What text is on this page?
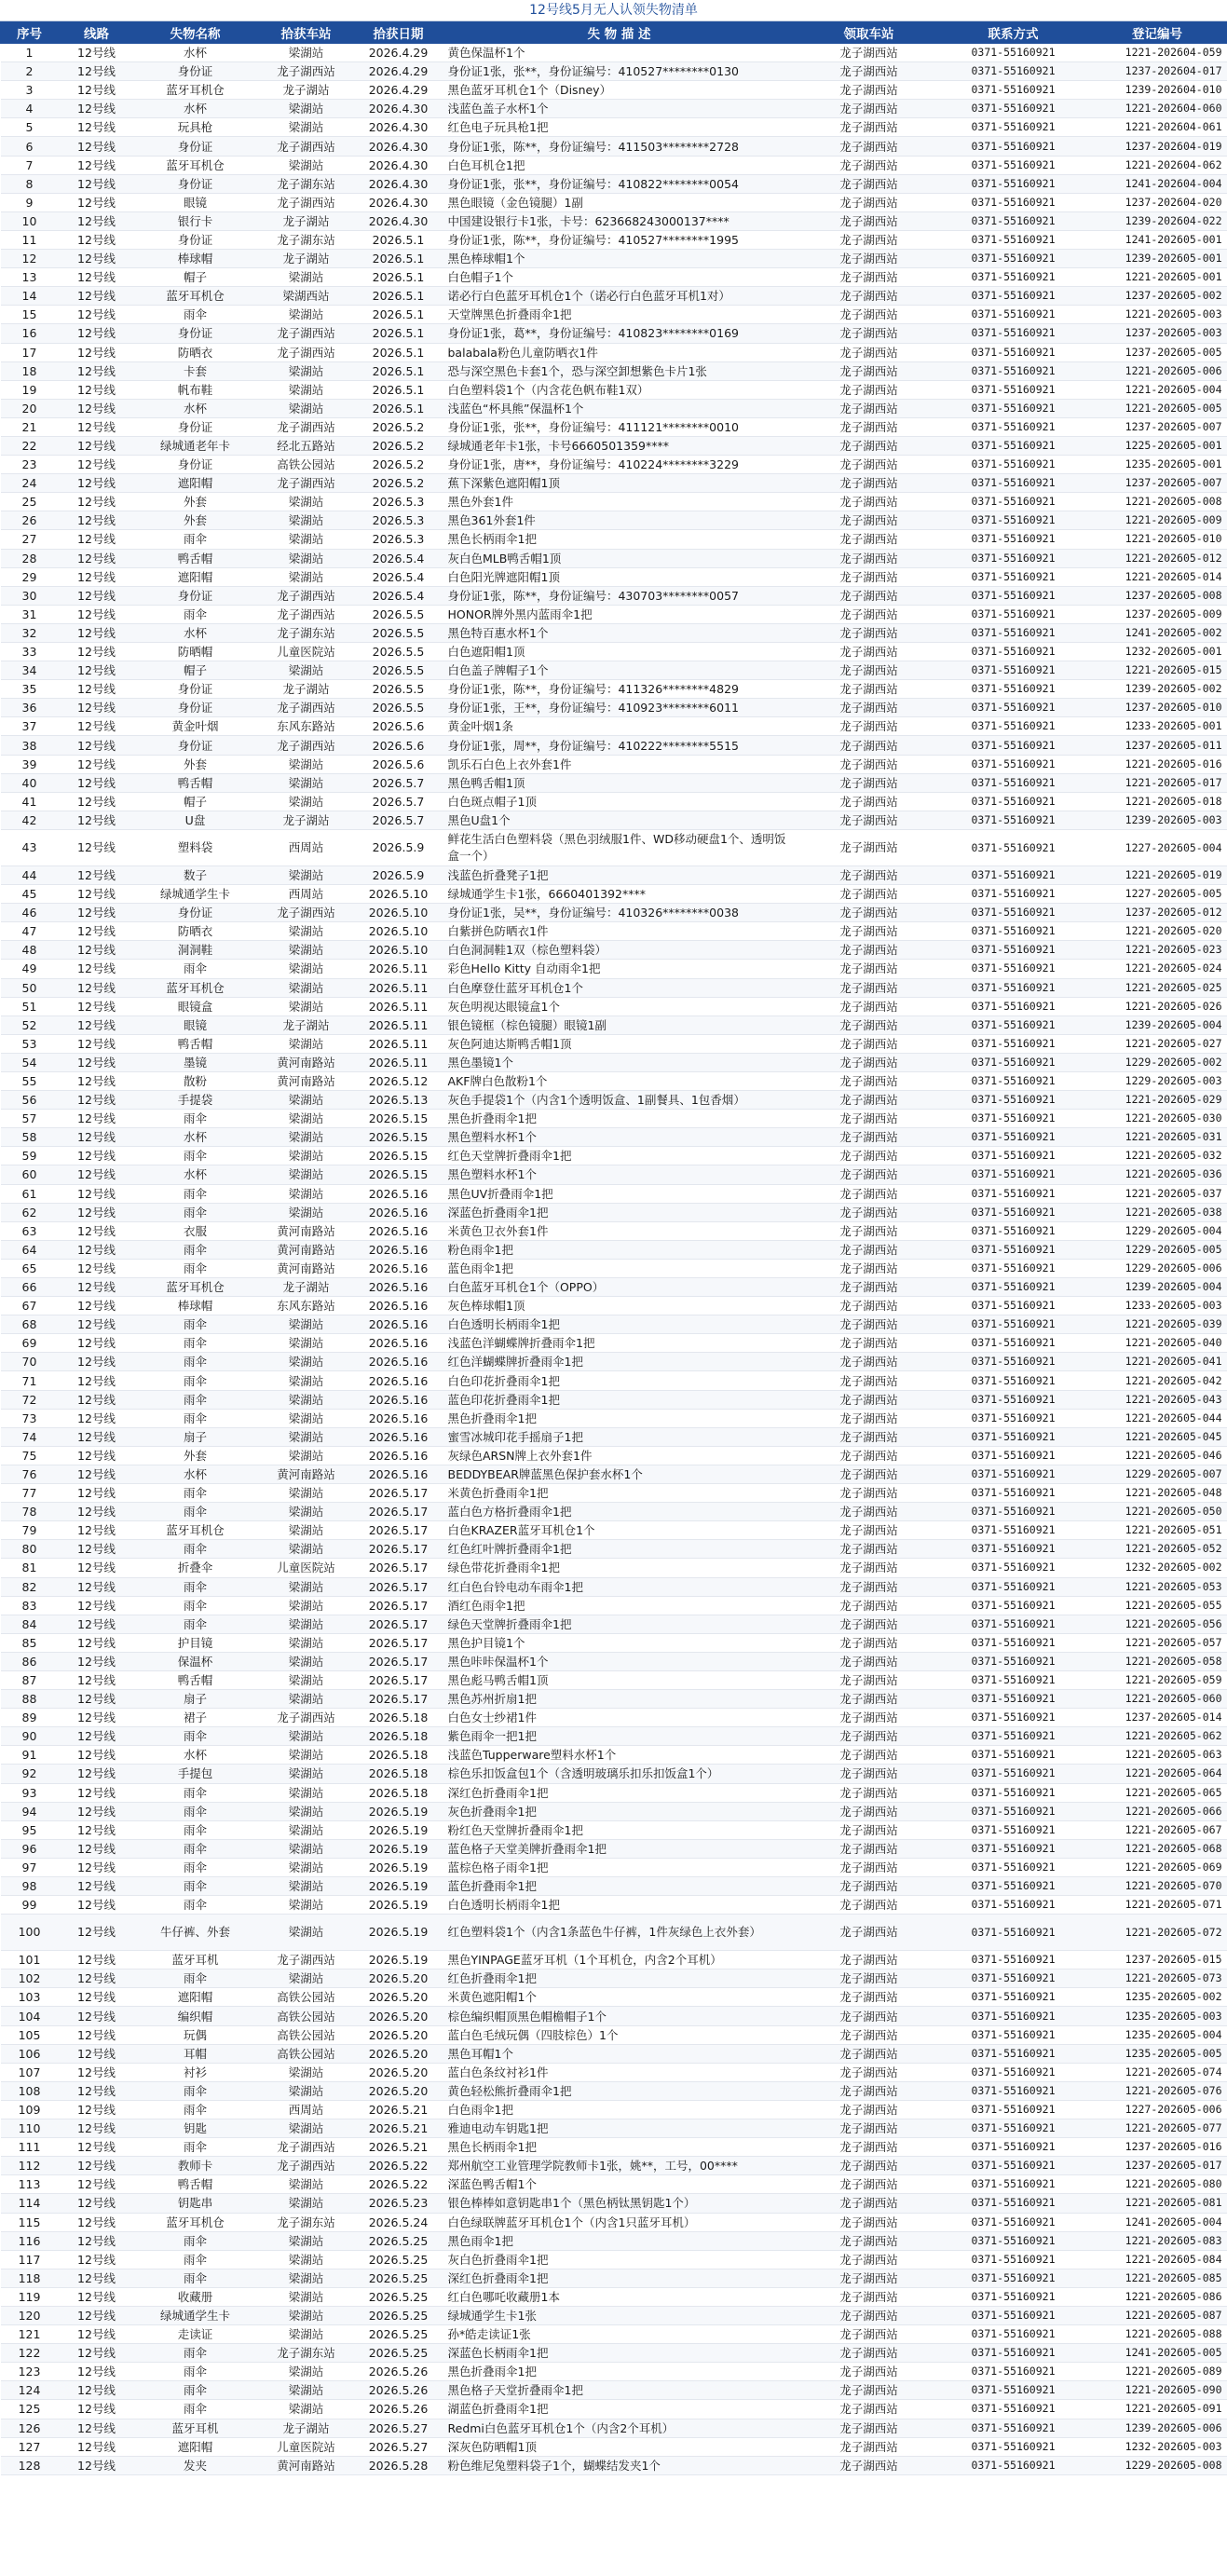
12号线5月无人认领失物清单
序号	线路	失物名称	拾获车站	拾获日期	失 物 描 述	领取车站	联系方式	登记编号
1	12号线	水杯	梁湖站	2026.4.29	黄色保温杯1个	龙子湖西站	0371-55160921	1221-202604-059
2	12号线	身份证	龙子湖西站	2026.4.29	身份证1张，张**，身份证编号：410527********0130	龙子湖西站	0371-55160921	1237-202604-017
3	12号线	蓝牙耳机仓	龙子湖站	2026.4.29	黑色蓝牙耳机仓1个（Disney）	龙子湖西站	0371-55160921	1239-202604-010
4	12号线	水杯	梁湖站	2026.4.30	浅蓝色盖子水杯1个	龙子湖西站	0371-55160921	1221-202604-060
5	12号线	玩具枪	梁湖站	2026.4.30	红色电子玩具枪1把	龙子湖西站	0371-55160921	1221-202604-061
6	12号线	身份证	龙子湖西站	2026.4.30	身份证1张，陈**，身份证编号：411503********2728	龙子湖西站	0371-55160921	1237-202604-019
7	12号线	蓝牙耳机仓	梁湖站	2026.4.30	白色耳机仓1把	龙子湖西站	0371-55160921	1221-202604-062
8	12号线	身份证	龙子湖东站	2026.4.30	身份证1张，张**，身份证编号：410822********0054	龙子湖西站	0371-55160921	1241-202604-004
9	12号线	眼镜	龙子湖西站	2026.4.30	黑色眼镜（金色镜腿）1副	龙子湖西站	0371-55160921	1237-202604-020
10	12号线	银行卡	龙子湖站	2026.4.30	中国建设银行卡1张，卡号：623668243000137****	龙子湖西站	0371-55160921	1239-202604-022
11	12号线	身份证	龙子湖东站	2026.5.1	身份证1张，陈**，身份证编号：410527********1995	龙子湖西站	0371-55160921	1241-202605-001
12	12号线	棒球帽	龙子湖站	2026.5.1	黑色棒球帽1个	龙子湖西站	0371-55160921	1239-202605-001
13	12号线	帽子	梁湖站	2026.5.1	白色帽子1个	龙子湖西站	0371-55160921	1221-202605-001
14	12号线	蓝牙耳机仓	梁湖西站	2026.5.1	诺必行白色蓝牙耳机仓1个（诺必行白色蓝牙耳机1对）	龙子湖西站	0371-55160921	1237-202605-002
15	12号线	雨伞	梁湖站	2026.5.1	天堂牌黑色折叠雨伞1把	龙子湖西站	0371-55160921	1221-202605-003
16	12号线	身份证	龙子湖西站	2026.5.1	身份证1张，葛**，身份证编号：410823********0169	龙子湖西站	0371-55160921	1237-202605-003
17	12号线	防晒衣	龙子湖西站	2026.5.1	balabala粉色儿童防晒衣1件	龙子湖西站	0371-55160921	1237-202605-005
18	12号线	卡套	梁湖站	2026.5.1	恐与深空黑色卡套1个，恐与深空卸想紫色卡片1张	龙子湖西站	0371-55160921	1221-202605-006
19	12号线	帆布鞋	梁湖站	2026.5.1	白色塑料袋1个（内含花色帆布鞋1双）	龙子湖西站	0371-55160921	1221-202605-004
20	12号线	水杯	梁湖站	2026.5.1	浅蓝色“杯具熊”保温杯1个	龙子湖西站	0371-55160921	1221-202605-005
21	12号线	身份证	龙子湖西站	2026.5.2	身份证1张，张**，身份证编号：411121********0010	龙子湖西站	0371-55160921	1237-202605-007
22	12号线	绿城通老年卡	经北五路站	2026.5.2	绿城通老年卡1张，卡号6660501359****	龙子湖西站	0371-55160921	1225-202605-001
23	12号线	身份证	高铁公园站	2026.5.2	身份证1张，唐**，身份证编号：410224********3229	龙子湖西站	0371-55160921	1235-202605-001
24	12号线	遮阳帽	龙子湖西站	2026.5.2	蕉下深紫色遮阳帽1顶	龙子湖西站	0371-55160921	1237-202605-007
25	12号线	外套	梁湖站	2026.5.3	黑色外套1件	龙子湖西站	0371-55160921	1221-202605-008
26	12号线	外套	梁湖站	2026.5.3	黑色361外套1件	龙子湖西站	0371-55160921	1221-202605-009
27	12号线	雨伞	梁湖站	2026.5.3	黑色长柄雨伞1把	龙子湖西站	0371-55160921	1221-202605-010
28	12号线	鸭舌帽	梁湖站	2026.5.4	灰白色MLB鸭舌帽1顶	龙子湖西站	0371-55160921	1221-202605-012
29	12号线	遮阳帽	梁湖站	2026.5.4	白色阳光牌遮阳帽1顶	龙子湖西站	0371-55160921	1221-202605-014
30	12号线	身份证	龙子湖西站	2026.5.4	身份证1张，陈**，身份证编号：430703********0057	龙子湖西站	0371-55160921	1237-202605-008
31	12号线	雨伞	龙子湖西站	2026.5.5	HONOR牌外黑内蓝雨伞1把	龙子湖西站	0371-55160921	1237-202605-009
32	12号线	水杯	龙子湖东站	2026.5.5	黑色特百惠水杯1个	龙子湖西站	0371-55160921	1241-202605-002
33	12号线	防晒帽	儿童医院站	2026.5.5	白色遮阳帽1顶	龙子湖西站	0371-55160921	1232-202605-001
34	12号线	帽子	梁湖站	2026.5.5	白色盖子牌帽子1个	龙子湖西站	0371-55160921	1221-202605-015
35	12号线	身份证	龙子湖站	2026.5.5	身份证1张，陈**，身份证编号：411326********4829	龙子湖西站	0371-55160921	1239-202605-002
36	12号线	身份证	龙子湖西站	2026.5.5	身份证1张，王**，身份证编号：410923********6011	龙子湖西站	0371-55160921	1237-202605-010
37	12号线	黄金叶烟	东风东路站	2026.5.6	黄金叶烟1条	龙子湖西站	0371-55160921	1233-202605-001
38	12号线	身份证	龙子湖西站	2026.5.6	身份证1张，周**，身份证编号：410222********5515	龙子湖西站	0371-55160921	1237-202605-011
39	12号线	外套	梁湖站	2026.5.6	凯乐石白色上衣外套1件	龙子湖西站	0371-55160921	1221-202605-016
40	12号线	鸭舌帽	梁湖站	2026.5.7	黑色鸭舌帽1顶	龙子湖西站	0371-55160921	1221-202605-017
41	12号线	帽子	梁湖站	2026.5.7	白色斑点帽子1顶	龙子湖西站	0371-55160921	1221-202605-018
42	12号线	U盘	龙子湖站	2026.5.7	黑色U盘1个	龙子湖西站	0371-55160921	1239-202605-003
43	12号线	塑料袋	西周站	2026.5.9	鲜花生活白色塑料袋（黑色羽绒服1件、WD移动硬盘1个、透明饭盒一个）	龙子湖西站	0371-55160921	1227-202605-004
44	12号线	数子	梁湖站	2026.5.9	浅蓝色折叠凳子1把	龙子湖西站	0371-55160921	1221-202605-019
45	12号线	绿城通学生卡	西周站	2026.5.10	绿城通学生卡1张，6660401392****	龙子湖西站	0371-55160921	1227-202605-005
46	12号线	身份证	龙子湖西站	2026.5.10	身份证1张，吴**，身份证编号：410326********0038	龙子湖西站	0371-55160921	1237-202605-012
47	12号线	防晒衣	梁湖站	2026.5.10	白紫拼色防晒衣1件	龙子湖西站	0371-55160921	1221-202605-020
48	12号线	洞洞鞋	梁湖站	2026.5.10	白色洞洞鞋1双（棕色塑料袋）	龙子湖西站	0371-55160921	1221-202605-023
49	12号线	雨伞	梁湖站	2026.5.11	彩色Hello Kitty 自动雨伞1把	龙子湖西站	0371-55160921	1221-202605-024
50	12号线	蓝牙耳机仓	梁湖站	2026.5.11	白色摩登仕蓝牙耳机仓1个	龙子湖西站	0371-55160921	1221-202605-025
51	12号线	眼镜盒	梁湖站	2026.5.11	灰色明视达眼镜盒1个	龙子湖西站	0371-55160921	1221-202605-026
52	12号线	眼镜	龙子湖站	2026.5.11	银色镜框（棕色镜腿）眼镜1副	龙子湖西站	0371-55160921	1239-202605-004
53	12号线	鸭舌帽	梁湖站	2026.5.11	灰色阿迪达斯鸭舌帽1顶	龙子湖西站	0371-55160921	1221-202605-027
54	12号线	墨镜	黄河南路站	2026.5.11	黑色墨镜1个	龙子湖西站	0371-55160921	1229-202605-002
55	12号线	散粉	黄河南路站	2026.5.12	AKF牌白色散粉1个	龙子湖西站	0371-55160921	1229-202605-003
56	12号线	手提袋	梁湖站	2026.5.13	灰色手提袋1个（内含1个透明饭盒、1副餐具、1包香烟）	龙子湖西站	0371-55160921	1221-202605-029
57	12号线	雨伞	梁湖站	2026.5.15	黑色折叠雨伞1把	龙子湖西站	0371-55160921	1221-202605-030
58	12号线	水杯	梁湖站	2026.5.15	黑色塑料水杯1个	龙子湖西站	0371-55160921	1221-202605-031
59	12号线	雨伞	梁湖站	2026.5.15	红色天堂牌折叠雨伞1把	龙子湖西站	0371-55160921	1221-202605-032
60	12号线	水杯	梁湖站	2026.5.15	黑色塑料水杯1个	龙子湖西站	0371-55160921	1221-202605-036
61	12号线	雨伞	梁湖站	2026.5.16	黑色UV折叠雨伞1把	龙子湖西站	0371-55160921	1221-202605-037
62	12号线	雨伞	梁湖站	2026.5.16	深蓝色折叠雨伞1把	龙子湖西站	0371-55160921	1221-202605-038
63	12号线	衣服	黄河南路站	2026.5.16	米黄色卫衣外套1件	龙子湖西站	0371-55160921	1229-202605-004
64	12号线	雨伞	黄河南路站	2026.5.16	粉色雨伞1把	龙子湖西站	0371-55160921	1229-202605-005
65	12号线	雨伞	黄河南路站	2026.5.16	蓝色雨伞1把	龙子湖西站	0371-55160921	1229-202605-006
66	12号线	蓝牙耳机仓	龙子湖站	2026.5.16	白色蓝牙耳机仓1个（OPPO）	龙子湖西站	0371-55160921	1239-202605-004
67	12号线	棒球帽	东风东路站	2026.5.16	灰色棒球帽1顶	龙子湖西站	0371-55160921	1233-202605-003
68	12号线	雨伞	梁湖站	2026.5.16	白色透明长柄雨伞1把	龙子湖西站	0371-55160921	1221-202605-039
69	12号线	雨伞	梁湖站	2026.5.16	浅蓝色洋蝴蝶牌折叠雨伞1把	龙子湖西站	0371-55160921	1221-202605-040
70	12号线	雨伞	梁湖站	2026.5.16	红色洋蝴蝶牌折叠雨伞1把	龙子湖西站	0371-55160921	1221-202605-041
71	12号线	雨伞	梁湖站	2026.5.16	白色印花折叠雨伞1把	龙子湖西站	0371-55160921	1221-202605-042
72	12号线	雨伞	梁湖站	2026.5.16	蓝色印花折叠雨伞1把	龙子湖西站	0371-55160921	1221-202605-043
73	12号线	雨伞	梁湖站	2026.5.16	黑色折叠雨伞1把	龙子湖西站	0371-55160921	1221-202605-044
74	12号线	扇子	梁湖站	2026.5.16	蜜雪冰城印花手摇扇子1把	龙子湖西站	0371-55160921	1221-202605-045
75	12号线	外套	梁湖站	2026.5.16	灰绿色ARSN牌上衣外套1件	龙子湖西站	0371-55160921	1221-202605-046
76	12号线	水杯	黄河南路站	2026.5.16	BEDDYBEAR牌蓝黑色保护套水杯1个	龙子湖西站	0371-55160921	1229-202605-007
77	12号线	雨伞	梁湖站	2026.5.17	米黄色折叠雨伞1把	龙子湖西站	0371-55160921	1221-202605-048
78	12号线	雨伞	梁湖站	2026.5.17	蓝白色方格折叠雨伞1把	龙子湖西站	0371-55160921	1221-202605-050
79	12号线	蓝牙耳机仓	梁湖站	2026.5.17	白色KRAZER蓝牙耳机仓1个	龙子湖西站	0371-55160921	1221-202605-051
80	12号线	雨伞	梁湖站	2026.5.17	红色红叶牌折叠雨伞1把	龙子湖西站	0371-55160921	1221-202605-052
81	12号线	折叠伞	儿童医院站	2026.5.17	绿色带花折叠雨伞1把	龙子湖西站	0371-55160921	1232-202605-002
82	12号线	雨伞	梁湖站	2026.5.17	红白色台铃电动车雨伞1把	龙子湖西站	0371-55160921	1221-202605-053
83	12号线	雨伞	梁湖站	2026.5.17	酒红色雨伞1把	龙子湖西站	0371-55160921	1221-202605-055
84	12号线	雨伞	梁湖站	2026.5.17	绿色天堂牌折叠雨伞1把	龙子湖西站	0371-55160921	1221-202605-056
85	12号线	护目镜	梁湖站	2026.5.17	黑色护目镜1个	龙子湖西站	0371-55160921	1221-202605-057
86	12号线	保温杯	梁湖站	2026.5.17	黑色咔咔保温杯1个	龙子湖西站	0371-55160921	1221-202605-058
87	12号线	鸭舌帽	梁湖站	2026.5.17	黑色彪马鸭舌帽1顶	龙子湖西站	0371-55160921	1221-202605-059
88	12号线	扇子	梁湖站	2026.5.17	黑色苏州折扇1把	龙子湖西站	0371-55160921	1221-202605-060
89	12号线	裙子	龙子湖西站	2026.5.18	白色女士纱裙1件	龙子湖西站	0371-55160921	1237-202605-014
90	12号线	雨伞	梁湖站	2026.5.18	紫色雨伞一把1把	龙子湖西站	0371-55160921	1221-202605-062
91	12号线	水杯	梁湖站	2026.5.18	浅蓝色Tupperware塑料水杯1个	龙子湖西站	0371-55160921	1221-202605-063
92	12号线	手提包	梁湖站	2026.5.18	棕色乐扣饭盒包1个（含透明玻璃乐扣乐扣饭盒1个）	龙子湖西站	0371-55160921	1221-202605-064
93	12号线	雨伞	梁湖站	2026.5.18	深红色折叠雨伞1把	龙子湖西站	0371-55160921	1221-202605-065
94	12号线	雨伞	梁湖站	2026.5.19	灰色折叠雨伞1把	龙子湖西站	0371-55160921	1221-202605-066
95	12号线	雨伞	梁湖站	2026.5.19	粉红色天堂牌折叠雨伞1把	龙子湖西站	0371-55160921	1221-202605-067
96	12号线	雨伞	梁湖站	2026.5.19	蓝色格子天堂美牌折叠雨伞1把	龙子湖西站	0371-55160921	1221-202605-068
97	12号线	雨伞	梁湖站	2026.5.19	蓝棕色格子雨伞1把	龙子湖西站	0371-55160921	1221-202605-069
98	12号线	雨伞	梁湖站	2026.5.19	蓝色折叠雨伞1把	龙子湖西站	0371-55160921	1221-202605-070
99	12号线	雨伞	梁湖站	2026.5.19	白色透明长柄雨伞1把	龙子湖西站	0371-55160921	1221-202605-071
100	12号线	牛仔裤、外套	梁湖站	2026.5.19	红色塑料袋1个（内含1条蓝色牛仔裤，1件灰绿色上衣外套）	龙子湖西站	0371-55160921	1221-202605-072
101	12号线	蓝牙耳机	龙子湖西站	2026.5.19	黑色YINPAGE蓝牙耳机（1个耳机仓，内含2个耳机）	龙子湖西站	0371-55160921	1237-202605-015
102	12号线	雨伞	梁湖站	2026.5.20	红色折叠雨伞1把	龙子湖西站	0371-55160921	1221-202605-073
103	12号线	遮阳帽	高铁公园站	2026.5.20	米黄色遮阳帽1个	龙子湖西站	0371-55160921	1235-202605-002
104	12号线	编织帽	高铁公园站	2026.5.20	棕色编织帽顶黑色帽檐帽子1个	龙子湖西站	0371-55160921	1235-202605-003
105	12号线	玩偶	高铁公园站	2026.5.20	蓝白色毛绒玩偶（四肢棕色）1个	龙子湖西站	0371-55160921	1235-202605-004
106	12号线	耳帽	高铁公园站	2026.5.20	黑色耳帽1个	龙子湖西站	0371-55160921	1235-202605-005
107	12号线	衬衫	梁湖站	2026.5.20	蓝白色条纹衬衫1件	龙子湖西站	0371-55160921	1221-202605-074
108	12号线	雨伞	梁湖站	2026.5.20	黄色轻松熊折叠雨伞1把	龙子湖西站	0371-55160921	1221-202605-076
109	12号线	雨伞	西周站	2026.5.21	白色雨伞1把	龙子湖西站	0371-55160921	1227-202605-006
110	12号线	钥匙	梁湖站	2026.5.21	雅迪电动车钥匙1把	龙子湖西站	0371-55160921	1221-202605-077
111	12号线	雨伞	龙子湖西站	2026.5.21	黑色长柄雨伞1把	龙子湖西站	0371-55160921	1237-202605-016
112	12号线	教师卡	龙子湖西站	2026.5.22	郑州航空工业管理学院教师卡1张，姚**，工号，00****	龙子湖西站	0371-55160921	1237-202605-017
113	12号线	鸭舌帽	梁湖站	2026.5.22	深蓝色鸭舌帽1个	龙子湖西站	0371-55160921	1221-202605-080
114	12号线	钥匙串	梁湖站	2026.5.23	银色棒棒如意钥匙串1个（黑色柄钛黑钥匙1个）	龙子湖西站	0371-55160921	1221-202605-081
115	12号线	蓝牙耳机仓	龙子湖东站	2026.5.24	白色绿联牌蓝牙耳机仓1个（内含1只蓝牙耳机）	龙子湖西站	0371-55160921	1241-202605-004
116	12号线	雨伞	梁湖站	2026.5.25	黑色雨伞1把	龙子湖西站	0371-55160921	1221-202605-083
117	12号线	雨伞	梁湖站	2026.5.25	灰白色折叠雨伞1把	龙子湖西站	0371-55160921	1221-202605-084
118	12号线	雨伞	梁湖站	2026.5.25	深红色折叠雨伞1把	龙子湖西站	0371-55160921	1221-202605-085
119	12号线	收藏册	梁湖站	2026.5.25	红白色哪吒收藏册1本	龙子湖西站	0371-55160921	1221-202605-086
120	12号线	绿城通学生卡	梁湖站	2026.5.25	绿城通学生卡1张	龙子湖西站	0371-55160921	1221-202605-087
121	12号线	走读证	梁湖站	2026.5.25	孙*皓走读证1张	龙子湖西站	0371-55160921	1221-202605-088
122	12号线	雨伞	龙子湖东站	2026.5.25	深蓝色长柄雨伞1把	龙子湖西站	0371-55160921	1241-202605-005
123	12号线	雨伞	梁湖站	2026.5.26	黑色折叠雨伞1把	龙子湖西站	0371-55160921	1221-202605-089
124	12号线	雨伞	梁湖站	2026.5.26	黑色格子天堂折叠雨伞1把	龙子湖西站	0371-55160921	1221-202605-090
125	12号线	雨伞	梁湖站	2026.5.26	湖蓝色折叠雨伞1把	龙子湖西站	0371-55160921	1221-202605-091
126	12号线	蓝牙耳机	龙子湖站	2026.5.27	Redmi白色蓝牙耳机仓1个（内含2个耳机）	龙子湖西站	0371-55160921	1239-202605-006
127	12号线	遮阳帽	儿童医院站	2026.5.27	深灰色防晒帽1顶	龙子湖西站	0371-55160921	1232-202605-003
128	12号线	发夹	黄河南路站	2026.5.28	粉色维尼兔塑料袋子1个，蝴蝶结发夹1个	龙子湖西站	0371-55160921	1229-202605-008
